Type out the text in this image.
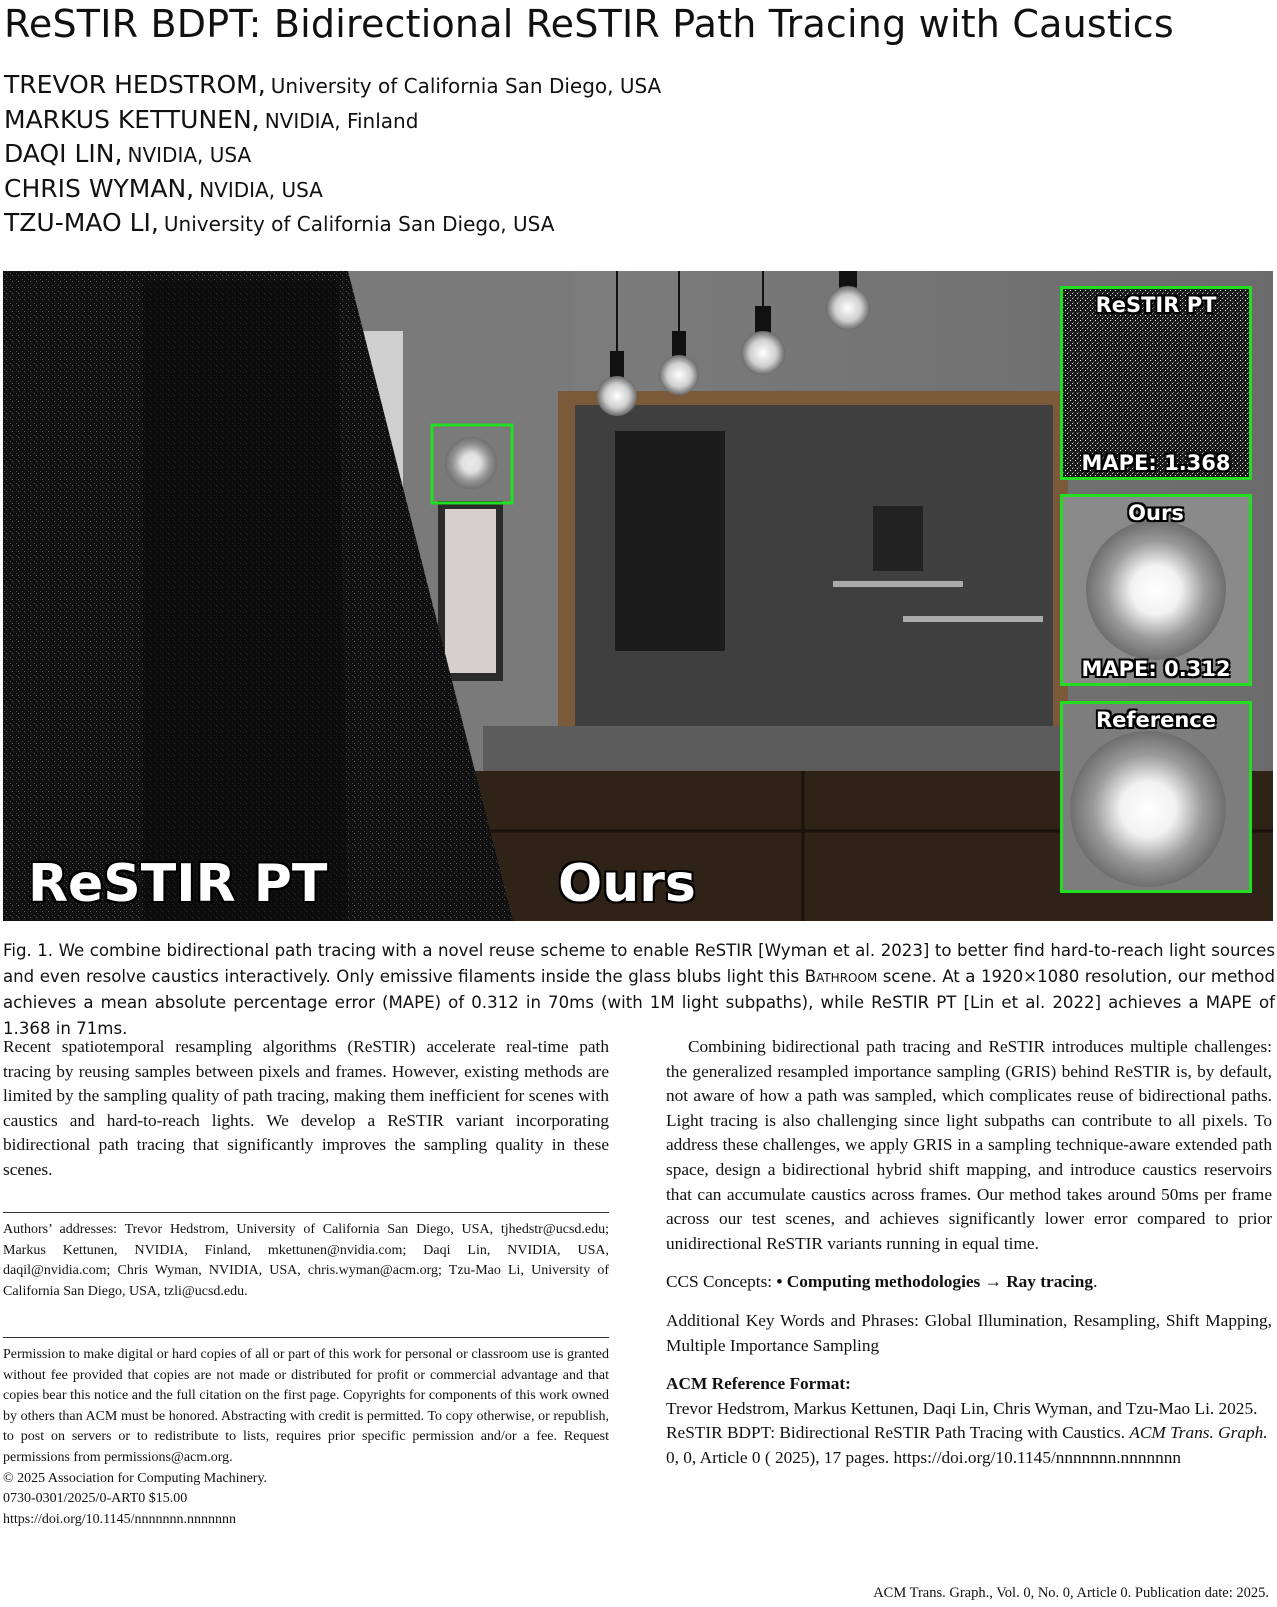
ReSTIR BDPT: Bidirectional ReSTIR Path Tracing with Caustics
TREVOR HEDSTROM, University of California San Diego, USA
MARKUS KETTUNEN, NVIDIA, Finland
DAQI LIN, NVIDIA, USA
CHRIS WYMAN, NVIDIA, USA
TZU-MAO LI, University of California San Diego, USA
ReSTIR PT	Ours
ReSTIR PT
MAPE: 1.368
Ours
MAPE: 0.312
Reference
Fig. 1. We combine bidirectional path tracing with a novel reuse scheme to enable ReSTIR [Wyman et al. 2023] to better find hard-to-reach light sources and even resolve caustics interactively. Only emissive filaments inside the glass blubs light this Bathroom scene. At a 1920×1080 resolution, our method achieves a mean absolute percentage error (MAPE) of 0.312 in 70ms (with 1M light subpaths), while ReSTIR PT [Lin et al. 2022] achieves a MAPE of 1.368 in 71ms.

Recent spatiotemporal resampling algorithms (ReSTIR) accelerate real-time path tracing by reusing samples between pixels and frames. However, existing methods are limited by the sampling quality of path tracing, making them inefficient for scenes with caustics and hard-to-reach lights. We develop a ReSTIR variant incorporating bidirectional path tracing that significantly improves the sampling quality in these scenes.

Authors’ addresses: Trevor Hedstrom, University of California San Diego, USA, tjhedstr@ucsd.edu; Markus Kettunen, NVIDIA, Finland, mkettunen@nvidia.com; Daqi Lin, NVIDIA, USA, daqil@nvidia.com; Chris Wyman, NVIDIA, USA, chris.wyman@acm.org; Tzu-Mao Li, University of California San Diego, USA, tzli@ucsd.edu.

Permission to make digital or hard copies of all or part of this work for personal or classroom use is granted without fee provided that copies are not made or distributed for profit or commercial advantage and that copies bear this notice and the full citation on the first page. Copyrights for components of this work owned by others than ACM must be honored. Abstracting with credit is permitted. To copy otherwise, or republish, to post on servers or to redistribute to lists, requires prior specific permission and/or a fee. Request permissions from permissions@acm.org.

© 2025 Association for Computing Machinery.

0730-0301/2025/0-ART0 $15.00

https://doi.org/10.1145/nnnnnnn.nnnnnnn

Combining bidirectional path tracing and ReSTIR introduces multiple challenges: the generalized resampled importance sampling (GRIS) behind ReSTIR is, by default, not aware of how a path was sampled, which complicates reuse of bidirectional paths. Light tracing is also challenging since light subpaths can contribute to all pixels. To address these challenges, we apply GRIS in a sampling technique-aware extended path space, design a bidirectional hybrid shift mapping, and introduce caustics reservoirs that can accumulate caustics across frames. Our method takes around 50ms per frame across our test scenes, and achieves significantly lower error compared to prior unidirectional ReSTIR variants running in equal time.

CCS Concepts: • Computing methodologies → Ray tracing.

Additional Key Words and Phrases: Global Illumination, Resampling, Shift Mapping, Multiple Importance Sampling

ACM Reference Format:

Trevor Hedstrom, Markus Kettunen, Daqi Lin, Chris Wyman, and Tzu-Mao Li. 2025. ReSTIR BDPT: Bidirectional ReSTIR Path Tracing with Caustics. ACM Trans. Graph. 0, 0, Article 0 ( 2025), 17 pages. https://doi.org/10.1145/nnnnnnn.nnnnnnn

ACM Trans. Graph., Vol. 0, No. 0, Article 0. Publication date: 2025.
